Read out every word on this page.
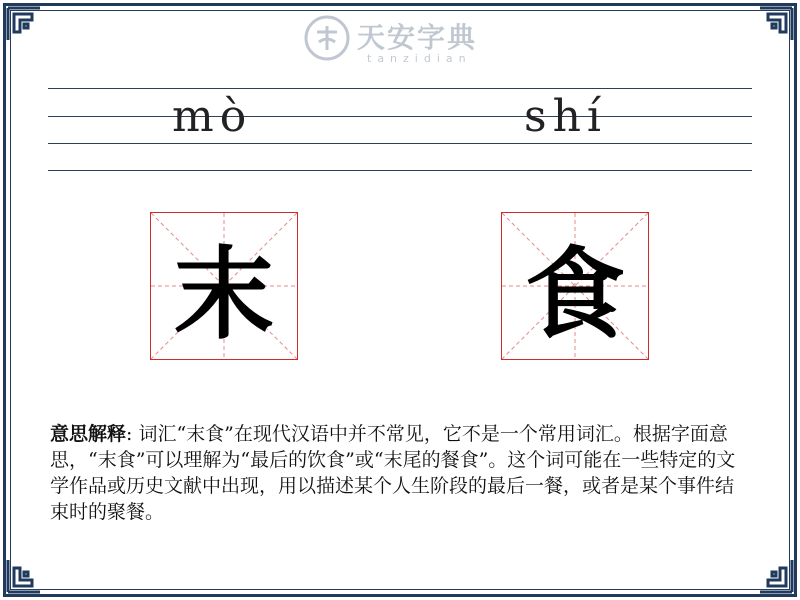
天安字典
tanzidian
mò	shí
末	食
意思解释: 词汇“末食”在现代汉语中并不常见，它不是一个常用词汇。根据字面意思，“末食”可以理解为“最后的饮食”或“末尾的餐食”。这个词可能在一些特定的文学作品或历史文献中出现，用以描述某个人生阶段的最后一餐，或者是某个事件结束时的聚餐。
